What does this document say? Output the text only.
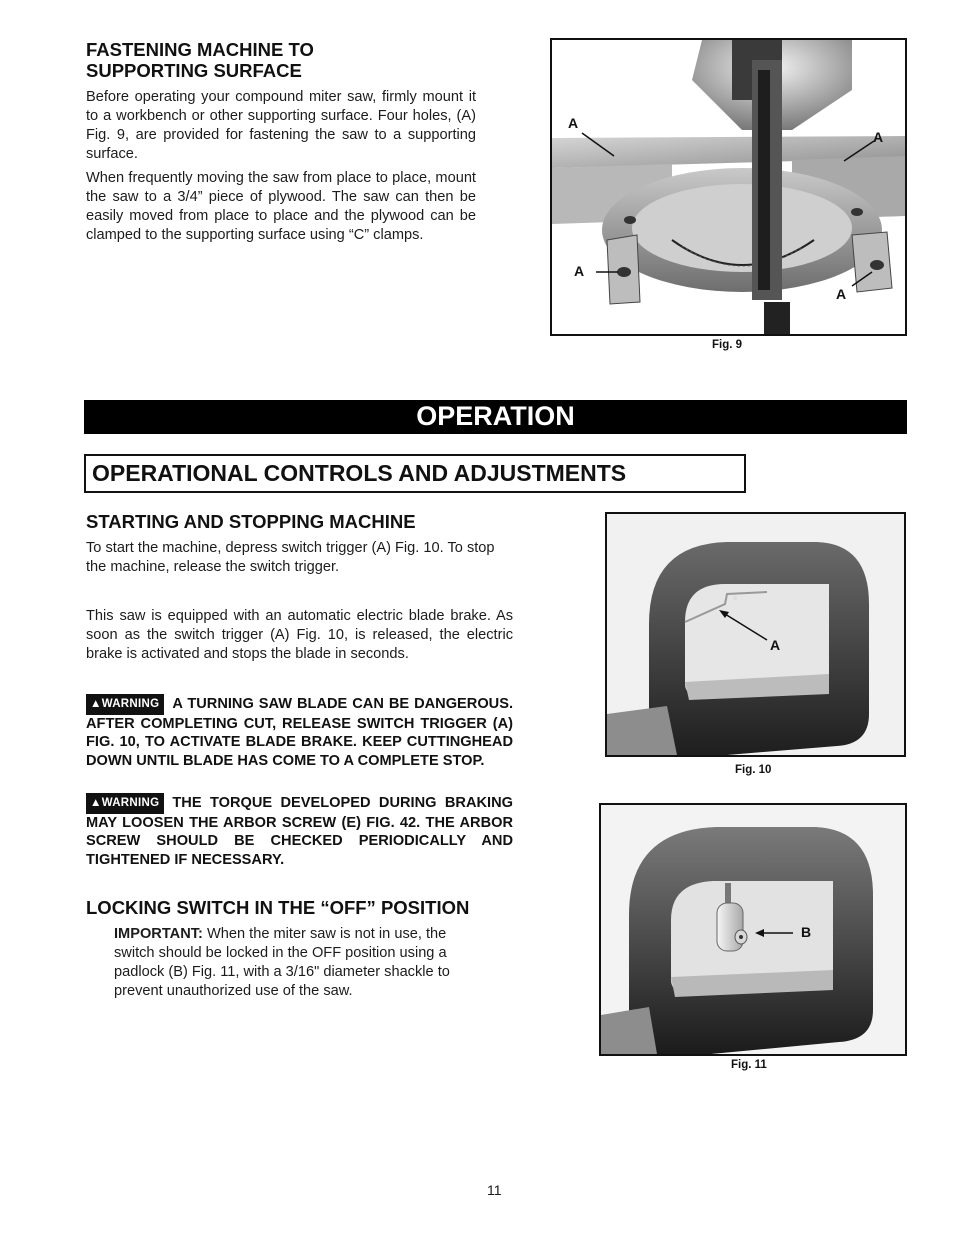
FASTENING MACHINE TO
SUPPORTING SURFACE

Before operating your compound miter saw, firmly mount it to a workbench or other supporting surface. Four holes, (A) Fig. 9, are provided for fastening the saw to a supporting surface.

When frequently moving the saw from place to place, mount the saw to a 3/4” piece of plywood. The saw can then be easily moved from place to place and the plywood can be clamped to the supporting surface using “C” clamps.

A
A
A
A
Fig. 9
OPERATION
OPERATIONAL CONTROLS AND ADJUSTMENTS
STARTING AND STOPPING MACHINE

To start the machine, depress switch trigger (A) Fig. 10. To stop the machine, release the switch trigger.

This saw is equipped with an automatic electric blade brake. As soon as the switch trigger (A) Fig. 10, is released, the electric brake is activated and stops the blade in seconds.

▲WARNING A TURNING SAW BLADE CAN BE DANGEROUS. AFTER COMPLETING CUT, RELEASE SWITCH TRIGGER (A) FIG. 10, TO ACTIVATE BLADE BRAKE. KEEP CUTTINGHEAD DOWN UNTIL BLADE HAS COME TO A COMPLETE STOP.

▲WARNING THE TORQUE DEVELOPED DURING BRAKING MAY LOOSEN THE ARBOR SCREW (E) FIG. 42. THE ARBOR SCREW SHOULD BE CHECKED PERIODICALLY AND TIGHTENED IF NECESSARY.

LOCKING SWITCH IN THE “OFF” POSITION

IMPORTANT: When the miter saw is not in use, the switch should be locked in the OFF position using a padlock (B) Fig. 11, with a 3/16" diameter shackle to prevent unauthorized use of the saw.

A
Fig. 10
B
Fig. 11
11
